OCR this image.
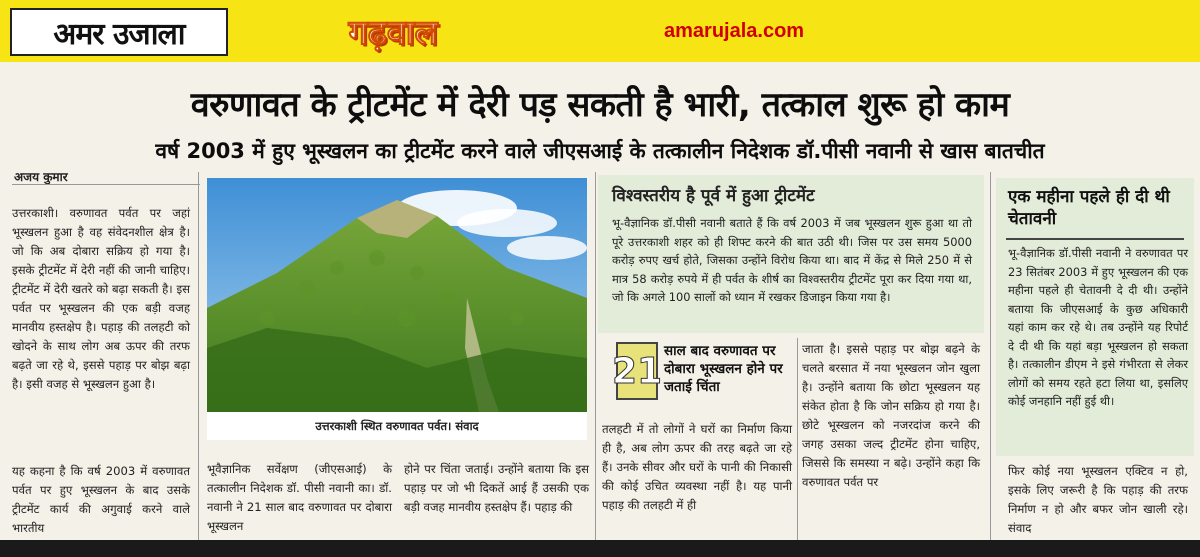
अमर उजाला	गढ़वाल	amarujala.com
वरुणावत के ट्रीटमेंट में देरी पड़ सकती है भारी, तत्काल शुरू हो काम
वर्ष 2003 में हुए भूस्खलन का ट्रीटमेंट करने वाले जीएसआई के तत्कालीन निदेशक डॉ.पीसी नवानी से खास बातचीत
अजय कुमार

उत्तरकाशी। वरुणावत पर्वत पर जहां भूस्खलन हुआ है वह संवेदनशील क्षेत्र है। जो कि अब दोबारा सक्रिय हो गया है। इसके ट्रीटमेंट में देरी नहीं की जानी चाहिए। ट्रीटमेंट में देरी खतरे को बढ़ा सकती है। इस पर्वत पर भूस्खलन की एक बड़ी वजह मानवीय हस्तक्षेप है। पहाड़ की तलहटी को खोदने के साथ लोग अब ऊपर की तरफ बढ़ते जा रहे थे, इससे पहाड़ पर बोझ बढ़ा है। इसी वजह से भूस्खलन हुआ है।

यह कहना है कि वर्ष 2003 में वरुणावत पर्वत पर हुए भूस्खलन के बाद उसके ट्रीटमेंट कार्य की अगुवाई करने वाले भारतीय

उत्तरकाशी स्थित वरुणावत पर्वत। संवाद

भूवैज्ञानिक सर्वेक्षण (जीएसआई) के तत्कालीन निदेशक डॉ. पीसी नवानी का। डॉ. नवानी ने 21 साल बाद वरुणावत पर दोबारा भूस्खलन

होने पर चिंता जताई। उन्होंने बताया कि इस पहाड़ पर जो भी दिकतें आई हैं उसकी एक बड़ी वजह मानवीय हस्तक्षेप हैं। पहाड़ की

विश्वस्तरीय है पूर्व में हुआ ट्रीटमेंट
भू-वैज्ञानिक डॉ.पीसी नवानी बताते हैं कि वर्ष 2003 में जब भूस्खलन शुरू हुआ था तो पूरे उत्तरकाशी शहर को ही शिफ्ट करने की बात उठी थी। जिस पर उस समय 5000 करोड़ रुपए खर्च होते, जिसका उन्होंने विरोध किया था। बाद में केंद्र से मिले 250 में से मात्र 58 करोड़ रुपये में ही पर्वत के शीर्ष का विश्वस्तरीय ट्रीटमेंट पूरा कर दिया गया था, जो कि अगले 100 सालों को ध्यान में रखकर डिजाइन किया गया है।
21 साल बाद वरुणावत पर दोबारा भूस्खलन होने पर जताई चिंता

तलहटी में तो लोगों ने घरों का निर्माण किया ही है, अब लोग ऊपर की तरह बढ़ते जा रहे हैं। उनके सीवर और घरों के पानी की निकासी की कोई उचित व्यवस्था नहीं है। यह पानी पहाड़ की तलहटी में ही

जाता है। इससे पहाड़ पर बोझ बढ़ने के चलते बरसात में नया भूस्खलन जोन खुला है। उन्होंने बताया कि छोटा भूस्खलन यह संकेत होता है कि जोन सक्रिय हो गया है। छोटे भूस्खलन को नजरदांज करने की जगह उसका जल्द ट्रीटमेंट होना चाहिए, जिससे कि समस्या न बढ़े। उन्होंने कहा कि वरुणावत पर्वत पर

एक महीना पहले ही दी थी चेतावनी
भू-वैज्ञानिक डॉ.पीसी नवानी ने वरुणावत पर 23 सितंबर 2003 में हुए भूस्खलन की एक महीना पहले ही चेतावनी दे दी थी। उन्होंने बताया कि जीएसआई के कुछ अधिकारी यहां काम कर रहे थे। तब उन्होंने यह रिपोर्ट दे दी थी कि यहां बड़ा भूस्खलन हो सकता है। तत्कालीन डीएम ने इसे गंभीरता से लेकर लोगों को समय रहते हटा लिया था, इसलिए कोई जनहानि नहीं हुई थी।

फिर कोई नया भूस्खलन एक्टिव न हो, इसके लिए जरूरी है कि पहाड़ की तरफ निर्माण न हो और बफर जोन खाली रहे। संवाद
